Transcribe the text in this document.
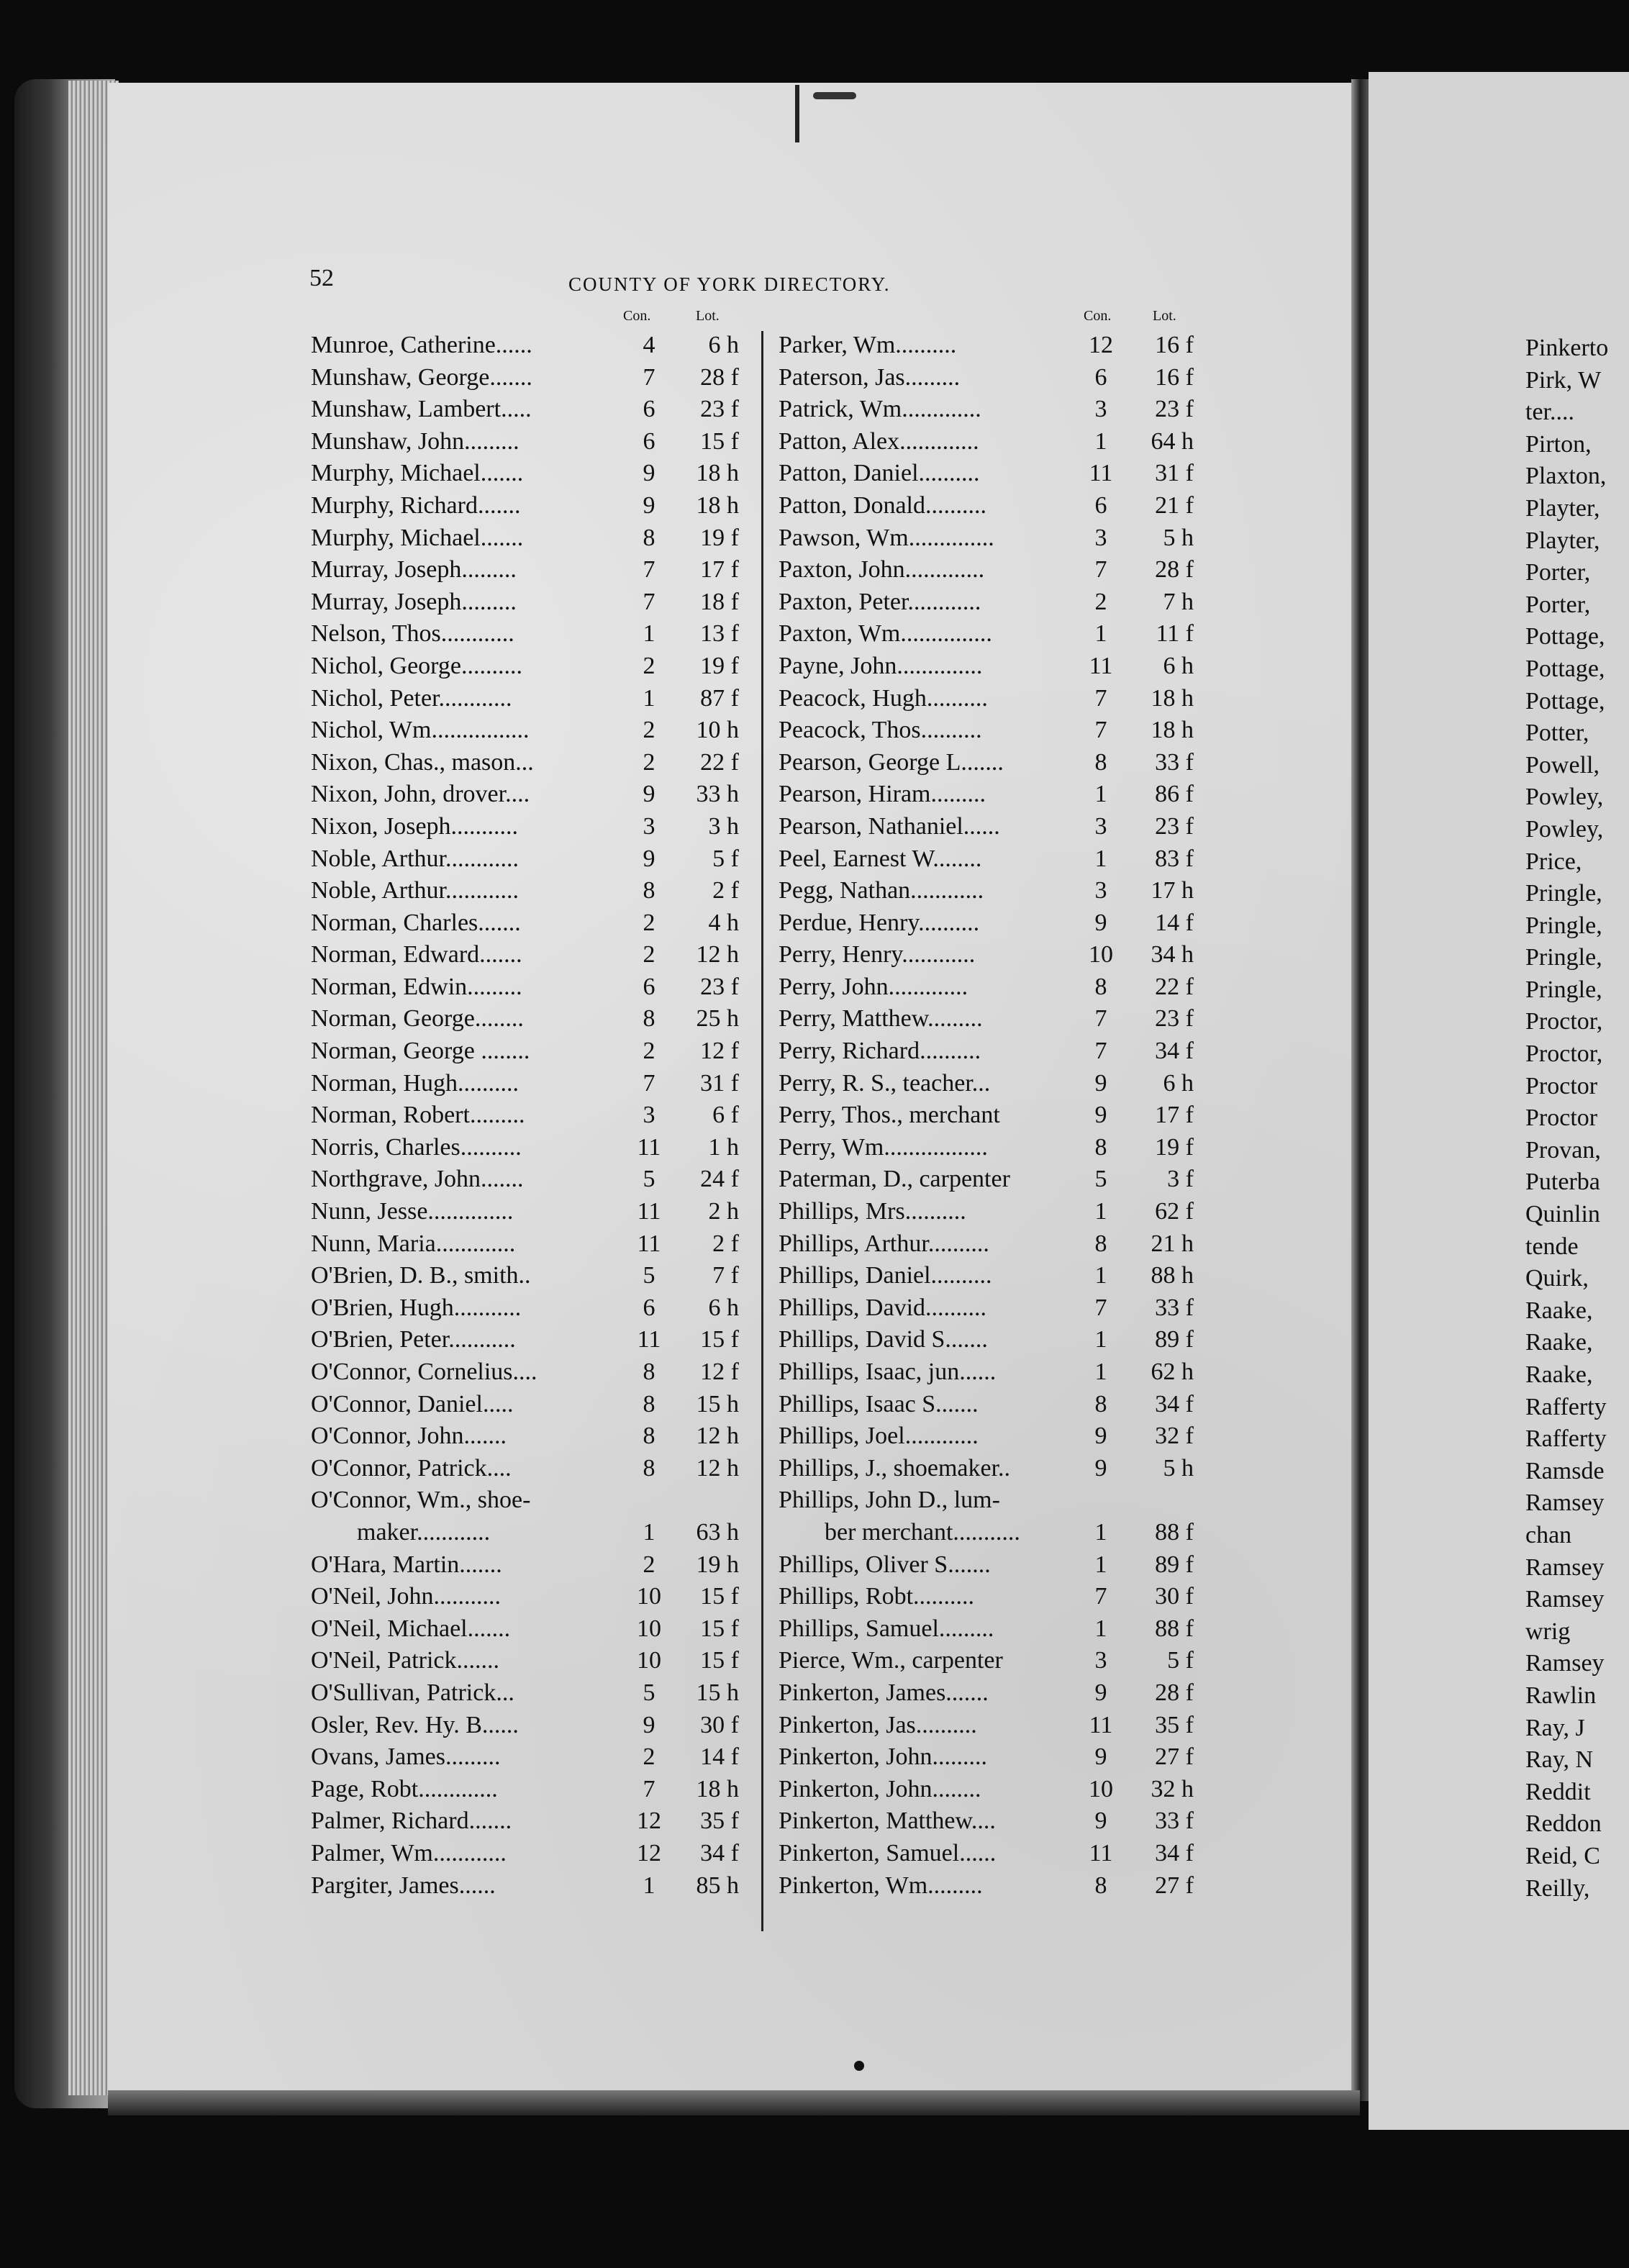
52	COUNTY OF YORK DIRECTORY.
Con.	Lot.
Munroe, Catherine......	4	6 h
Munshaw, George.......	7	28 f
Munshaw, Lambert.....	6	23 f
Munshaw, John.........	6	15 f
Murphy, Michael.......	9	18 h
Murphy, Richard.......	9	18 h
Murphy, Michael.......	8	19 f
Murray, Joseph.........	7	17 f
Murray, Joseph.........	7	18 f
Nelson, Thos............	1	13 f
Nichol, George..........	2	19 f
Nichol, Peter............	1	87 f
Nichol, Wm................	2	10 h
Nixon, Chas., mason...	2	22 f
Nixon, John, drover....	9	33 h
Nixon, Joseph...........	3	3 h
Noble, Arthur............	9	5 f
Noble, Arthur............	8	2 f
Norman, Charles.......	2	4 h
Norman, Edward.......	2	12 h
Norman, Edwin.........	6	23 f
Norman, George........	8	25 h
Norman, George ........	2	12 f
Norman, Hugh..........	7	31 f
Norman, Robert.........	3	6 f
Norris, Charles..........	11	1 h
Northgrave, John.......	5	24 f
Nunn, Jesse..............	11	2 h
Nunn, Maria.............	11	2 f
O'Brien, D. B., smith..	5	7 f
O'Brien, Hugh...........	6	6 h
O'Brien, Peter...........	11	15 f
O'Connor, Cornelius....	8	12 f
O'Connor, Daniel.....	8	15 h
O'Connor, John.......	8	12 h
O'Connor, Patrick....	8	12 h
O'Connor, Wm., shoe-
maker............	1	63 h
O'Hara, Martin.......	2	19 h
O'Neil, John...........	10	15 f
O'Neil, Michael.......	10	15 f
O'Neil, Patrick.......	10	15 f
O'Sullivan, Patrick...	5	15 h
Osler, Rev. Hy. B......	9	30 f
Ovans, James.........	2	14 f
Page, Robt.............	7	18 h
Palmer, Richard.......	12	35 f
Palmer, Wm............	12	34 f
Pargiter, James......	1	85 h
Con.	Lot.
Parker, Wm..........	12	16 f
Paterson, Jas.........	6	16 f
Patrick, Wm.............	3	23 f
Patton, Alex.............	1	64 h
Patton, Daniel..........	11	31 f
Patton, Donald..........	6	21 f
Pawson, Wm..............	3	5 h
Paxton, John.............	7	28 f
Paxton, Peter............	2	7 h
Paxton, Wm...............	1	11 f
Payne, John..............	11	6 h
Peacock, Hugh..........	7	18 h
Peacock, Thos..........	7	18 h
Pearson, George L.......	8	33 f
Pearson, Hiram.........	1	86 f
Pearson, Nathaniel......	3	23 f
Peel, Earnest W........	1	83 f
Pegg, Nathan............	3	17 h
Perdue, Henry..........	9	14 f
Perry, Henry............	10	34 h
Perry, John.............	8	22 f
Perry, Matthew.........	7	23 f
Perry, Richard..........	7	34 f
Perry, R. S., teacher...	9	6 h
Perry, Thos., merchant	9	17 f
Perry, Wm.................	8	19 f
Paterman, D., carpenter	5	3 f
Phillips, Mrs..........	1	62 f
Phillips, Arthur..........	8	21 h
Phillips, Daniel..........	1	88 h
Phillips, David..........	7	33 f
Phillips, David S.......	1	89 f
Phillips, Isaac, jun......	1	62 h
Phillips, Isaac S.......	8	34 f
Phillips, Joel............	9	32 f
Phillips, J., shoemaker..	9	5 h
Phillips, John D., lum-
ber merchant...........	1	88 f
Phillips, Oliver S.......	1	89 f
Phillips, Robt..........	7	30 f
Phillips, Samuel.........	1	88 f
Pierce, Wm., carpenter	3	5 f
Pinkerton, James.......	9	28 f
Pinkerton, Jas..........	11	35 f
Pinkerton, John.........	9	27 f
Pinkerton, John........	10	32 h
Pinkerton, Matthew....	9	33 f
Pinkerton, Samuel......	11	34 f
Pinkerton, Wm.........	8	27 f
Pinkerto
Pirk, W
ter....
Pirton,
Plaxton,
Playter,
Playter,
Porter,
Porter,
Pottage,
Pottage,
Pottage,
Potter,
Powell,
Powley,
Powley,
Price,
Pringle,
Pringle,
Pringle,
Pringle,
Proctor,
Proctor,
Proctor
Proctor
Provan,
Puterba
Quinlin
tende
Quirk,
Raake,
Raake,
Raake,
Rafferty
Rafferty
Ramsde
Ramsey
chan
Ramsey
Ramsey
wrig
Ramsey
Rawlin
Ray, J
Ray, N
Reddit
Reddon
Reid, C
Reilly,
